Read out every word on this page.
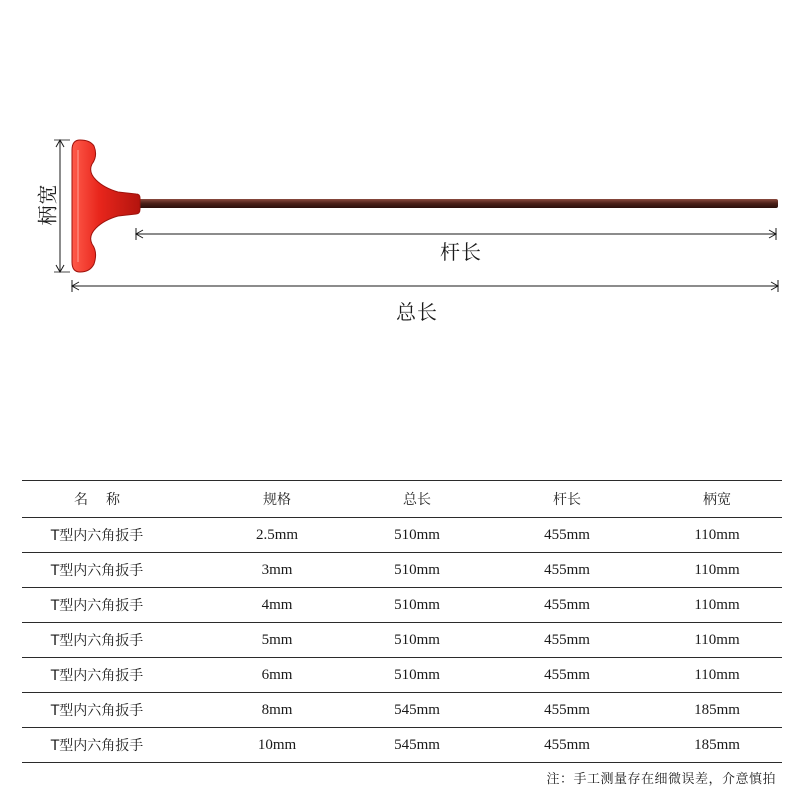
杆长
总长
柄宽
名称	规格	总长	杆长	柄宽
T型内六角扳手	2.5mm	510mm	455mm	110mm
T型内六角扳手	3mm	510mm	455mm	110mm
T型内六角扳手	4mm	510mm	455mm	110mm
T型内六角扳手	5mm	510mm	455mm	110mm
T型内六角扳手	6mm	510mm	455mm	110mm
T型内六角扳手	8mm	545mm	455mm	185mm
T型内六角扳手	10mm	545mm	455mm	185mm
注：手工测量存在细微误差，介意慎拍
